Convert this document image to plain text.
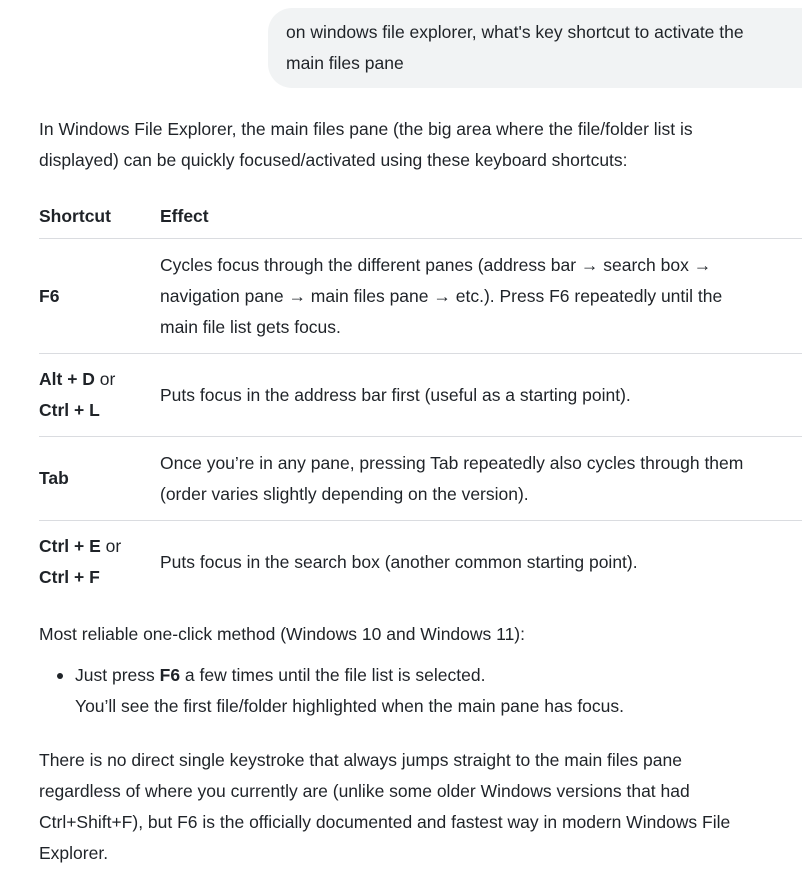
on windows file explorer, what's key shortcut to activate the
main files pane

In Windows File Explorer, the main files pane (the big area where the file/folder list is
displayed) can be quickly focused/activated using these keyboard shortcuts:

Shortcut	Effect
F6	Cycles focus through the different panes (address bar → search box →
navigation pane → main files pane → etc.). Press F6 repeatedly until the
main file list gets focus.
Alt + D or
Ctrl + L	Puts focus in the address bar first (useful as a starting point).
Tab	Once you’re in any pane, pressing Tab repeatedly also cycles through them
(order varies slightly depending on the version).
Ctrl + E or
Ctrl + F	Puts focus in the search box (another common starting point).

Most reliable one-click method (Windows 10 and Windows 11):

Just press F6 a few times until the file list is selected.
You’ll see the first file/folder highlighted when the main pane has focus.

There is no direct single keystroke that always jumps straight to the main files pane
regardless of where you currently are (unlike some older Windows versions that had
Ctrl+Shift+F), but F6 is the officially documented and fastest way in modern Windows File
Explorer.
